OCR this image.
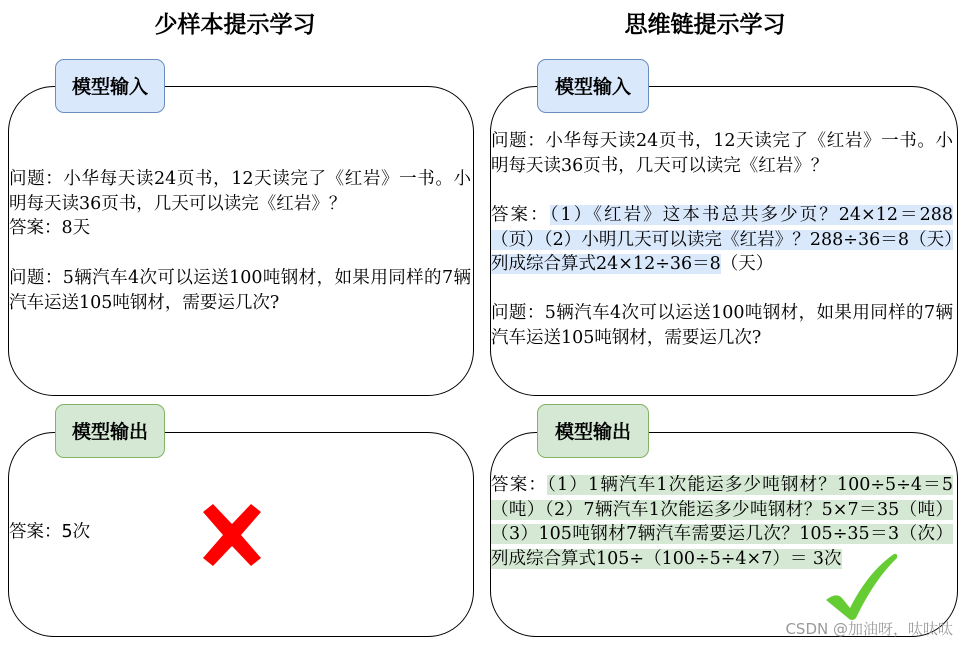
少样本提示学习	思维链提示学习
模型输入

问题：小华每天读24页书，12天读完了《红岩》一书。小明每天读36页书，几天可以读完《红岩》？

答案：8天

问题：5辆汽车4次可以运送100吨钢材，如果用同样的7辆汽车运送105吨钢材，需要运几次?

模型输出

答案：5次

模型输入

问题：小华每天读24页书，12天读完了《红岩》一书。小明每天读36页书，几天可以读完《红岩》？

答案：（1）《红岩》这本书总共多少页？24×12＝288（页）（2）小明几天可以读完《红岩》？288÷36＝8（天）列成综合算式24×12÷36＝8（天）

问题：5辆汽车4次可以运送100吨钢材，如果用同样的7辆汽车运送105吨钢材，需要运几次?

模型输出

答案：（1）1辆汽车1次能运多少吨钢材？100÷5÷4＝5（吨）（2）7辆汽车1次能运多少吨钢材？5×7＝35（吨）（3）105吨钢材7辆汽车需要运几次？105÷35＝3（次）列成综合算式105÷（100÷5÷4×7）＝ 3次

CSDN @加油呀，呔呔呔
